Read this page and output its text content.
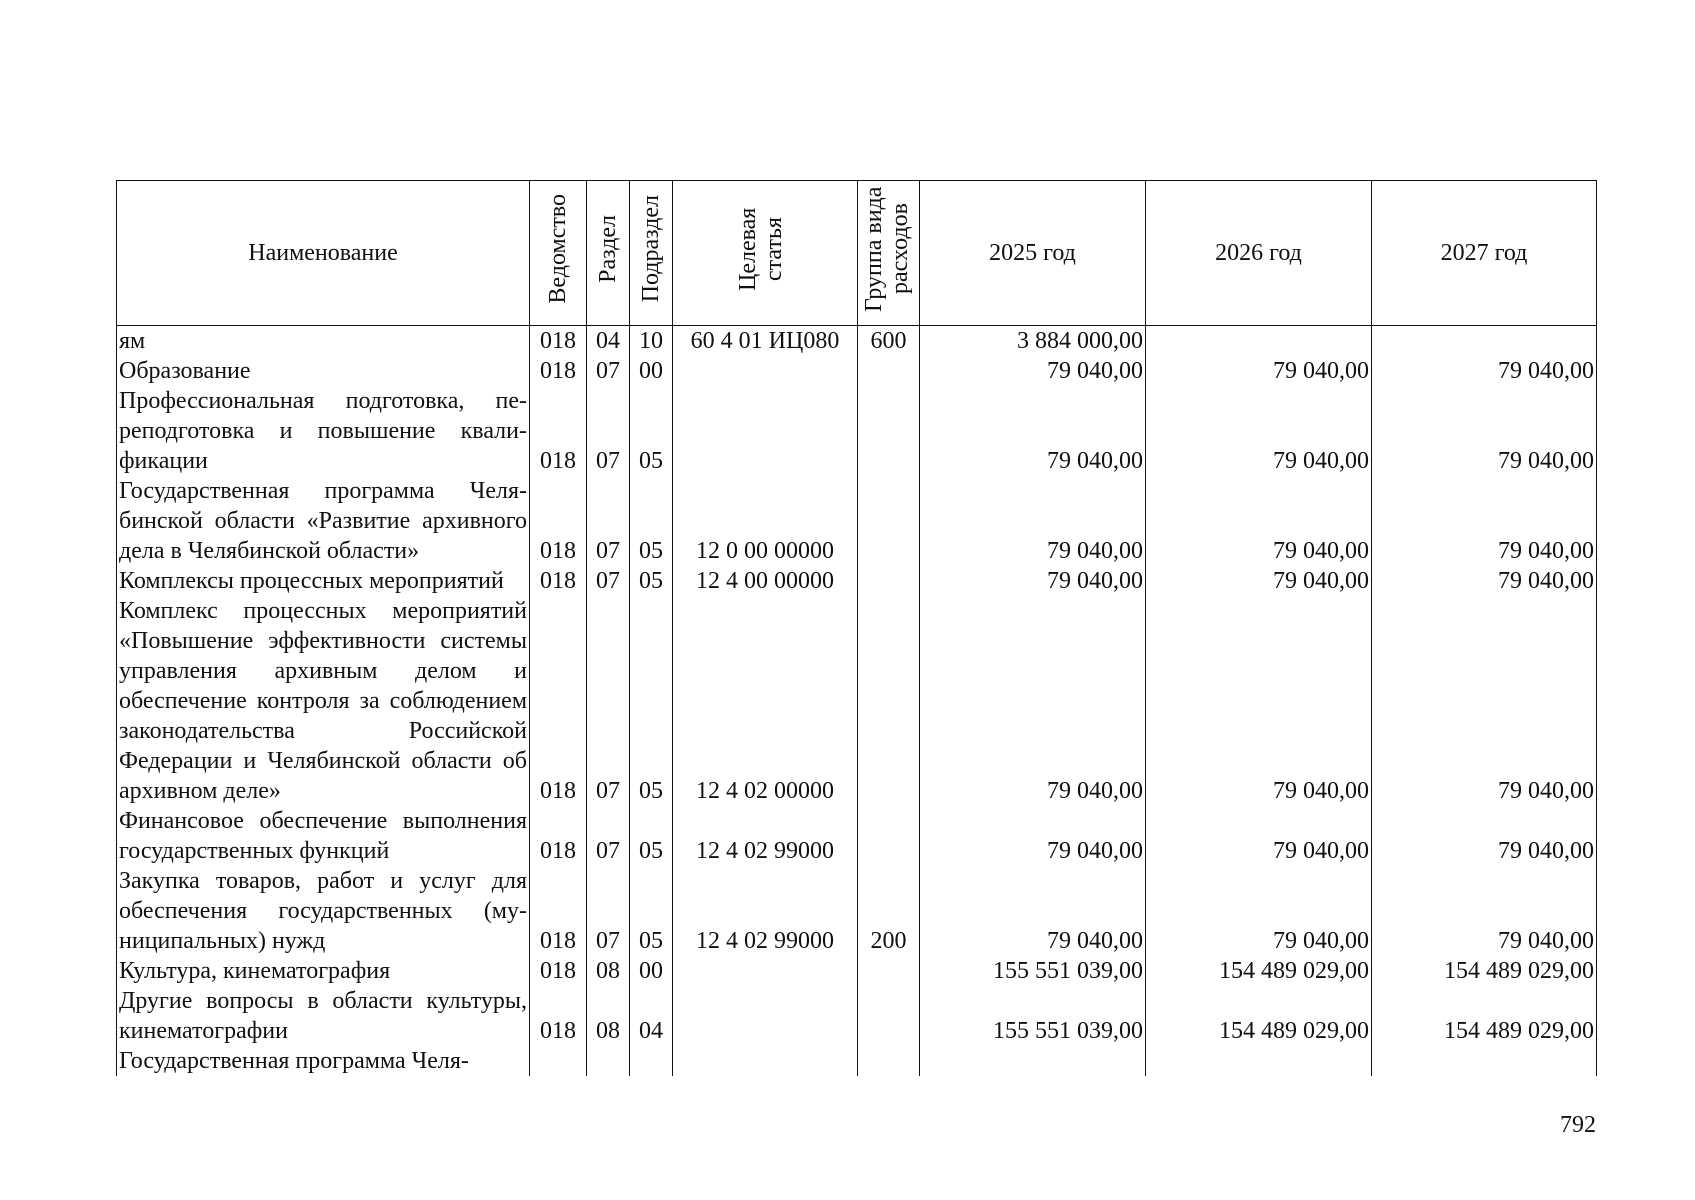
Наименование	Ведомство	Раздел	Подраздел	Целевая статья	Группа вида расходов	2025 год	2026 год	2027 год
ям	018	04	10	60 4 01 ИЦ080	600	3 884 000,00		
Образование	018	07	00			79 040,00	79 040,00	79 040,00
Профессиональная подготовка, переподготовка и повышение квалификации	018	07	05			79 040,00	79 040,00	79 040,00
Государственная программа Челябинской области «Развитие архивного дела в Челябинской области»	018	07	05	12 0 00 00000		79 040,00	79 040,00	79 040,00
Комплексы процессных мероприятий	018	07	05	12 4 00 00000		79 040,00	79 040,00	79 040,00
Комплекс процессных мероприятий «Повышение эффективности системы управления архивным делом и обеспечение контроля за соблюдением законодательства Российской Федерации и Челябинской области об архивном деле»	018	07	05	12 4 02 00000		79 040,00	79 040,00	79 040,00
Финансовое обеспечение выполнения государственных функций	018	07	05	12 4 02 99000		79 040,00	79 040,00	79 040,00
Закупка товаров, работ и услуг для обеспечения государственных (муниципальных) нужд	018	07	05	12 4 02 99000	200	79 040,00	79 040,00	79 040,00
Культура, кинематография	018	08	00			155 551 039,00	154 489 029,00	154 489 029,00
Другие вопросы в области культуры, кинематографии	018	08	04			155 551 039,00	154 489 029,00	154 489 029,00
Государственная программа Челя-								
792
